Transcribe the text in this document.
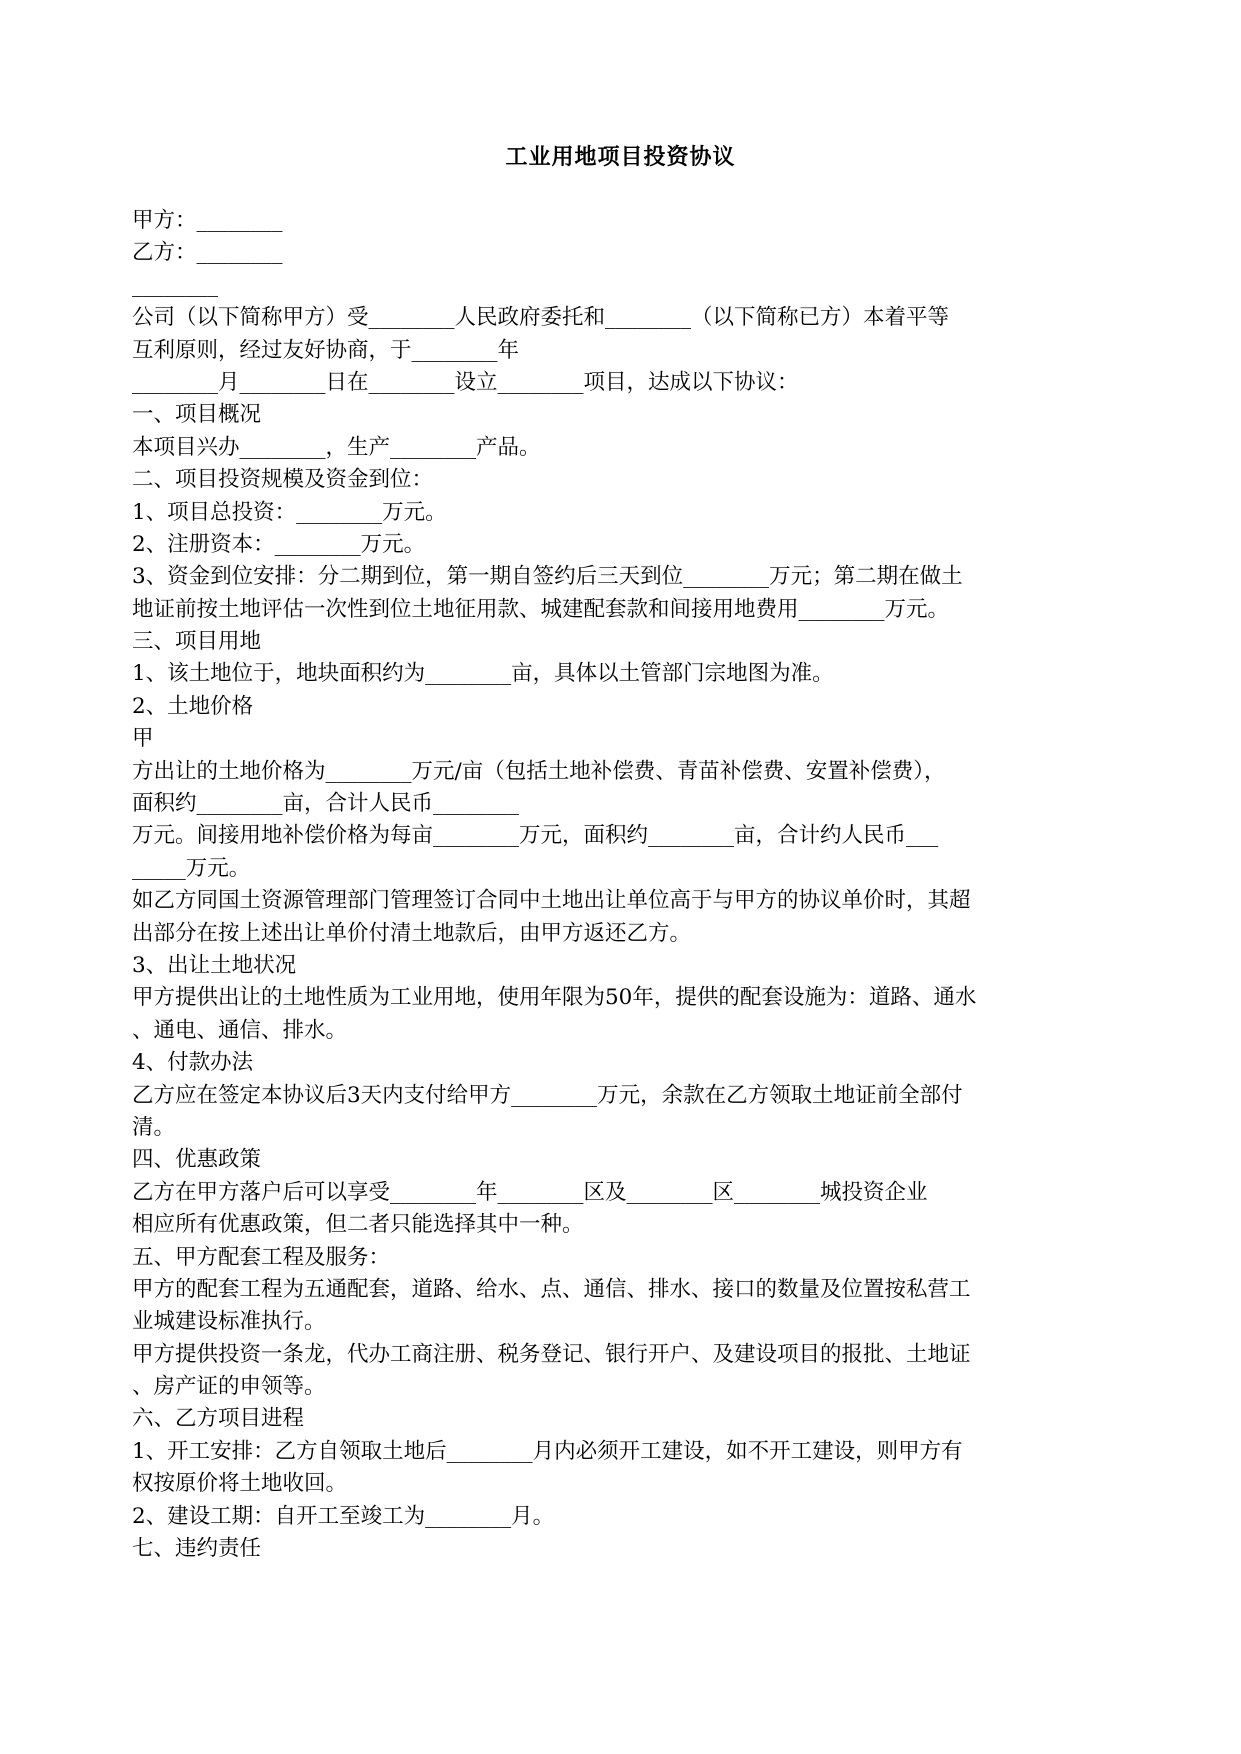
工业用地项目投资协议
甲方：________
乙方：________
________
公司（以下简称甲方）受________人民政府委托和________（以下简称已方）本着平等
互利原则，经过友好协商，于________年
________月________日在________设立________项目，达成以下协议：
一、项目概况
本项目兴办________，生产________产品。
二、项目投资规模及资金到位：
1、项目总投资：________万元。
2、注册资本：________万元。
3、资金到位安排：分二期到位，第一期自签约后三天到位________万元；第二期在做土
地证前按土地评估一次性到位土地征用款、城建配套款和间接用地费用________万元。
三、项目用地
1、该土地位于，地块面积约为________亩，具体以土管部门宗地图为准。
2、土地价格
甲
方出让的土地价格为________万元/亩（包括土地补偿费、青苗补偿费、安置补偿费），
面积约________亩，合计人民币________
万元。间接用地补偿价格为每亩________万元，面积约________亩，合计约人民币___
_____万元。
如乙方同国土资源管理部门管理签订合同中土地出让单位高于与甲方的协议单价时，其超
出部分在按上述出让单价付清土地款后，由甲方返还乙方。
3、出让土地状况
甲方提供出让的土地性质为工业用地，使用年限为50年，提供的配套设施为：道路、通水
、通电、通信、排水。
4、付款办法
乙方应在签定本协议后3天内支付给甲方________万元，余款在乙方领取土地证前全部付
清。
四、优惠政策
乙方在甲方落户后可以享受________年________区及________区________城投资企业
相应所有优惠政策，但二者只能选择其中一种。
五、甲方配套工程及服务：
甲方的配套工程为五通配套，道路、给水、点、通信、排水、接口的数量及位置按私营工
业城建设标准执行。
甲方提供投资一条龙，代办工商注册、税务登记、银行开户、及建设项目的报批、土地证
、房产证的申领等。
六、乙方项目进程
1、开工安排：乙方自领取土地后________月内必须开工建设，如不开工建设，则甲方有
权按原价将土地收回。
2、建设工期：自开工至竣工为________月。
七、违约责任
